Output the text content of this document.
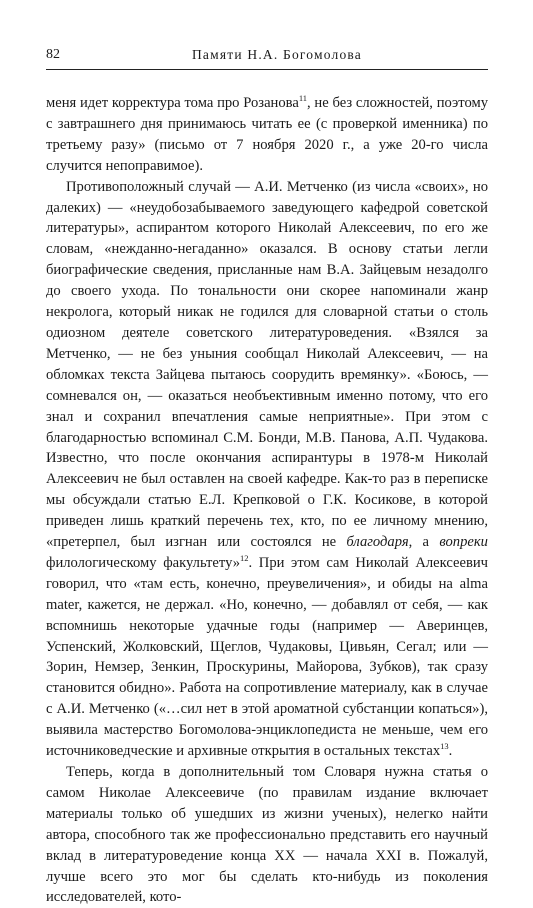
82	Памяти Н.А. Богомолова

меня идет корректура тома про Розанова$^{11}$, не без сложностей, поэтому с завтрашнего дня принимаюсь читать ее (с проверкой именника) по третьему разу» (письмо от 7 ноября 2020 г., а уже 20-го числа случится непоправимое).

Противоположный случай — А.И. Метченко (из числа «своих», но далеких) — «неудобозабываемого заведующего кафедрой советской литературы», аспирантом которого Николай Алексеевич, по его же словам, «нежданно-негаданно» оказался. В основу статьи легли биографические сведения, присланные нам В.А. Зайцевым незадолго до своего ухода. По тональности они скорее напоминали жанр некролога, который никак не годился для словарной статьи о столь одиозном деятеле советского литературоведения. «Взялся за Метченко, — не без уныния сообщал Николай Алексеевич, — на обломках текста Зайцева пытаюсь соорудить времянку». «Боюсь, — сомневался он, — оказаться необъективным именно потому, что его знал и сохранил впечатления самые неприятные». При этом с благодарностью вспоминал С.М. Бонди, М.В. Панова, А.П. Чудакова. Известно, что после окончания аспирантуры в 1978-м Николай Алексеевич не был оставлен на своей кафедре. Как-то раз в переписке мы обсуждали статью Е.Л. Крепковой о Г.К. Косикове, в которой приведен лишь краткий перечень тех, кто, по ее личному мнению, «претерпел, был изгнан или состоялся не благодаря, а вопреки филологическому факультету»$^{12}$. При этом сам Николай Алексеевич говорил, что «там есть, конечно, преувеличения», и обиды на alma mater, кажется, не держал. «Но, конечно, — добавлял от себя, — как вспомнишь некоторые удачные годы (например — Аверинцев, Успенский, Жолковский, Щеглов, Чудаковы, Цивьян, Сегал; или — Зорин, Немзер, Зенкин, Проскурины, Майорова, Зубков), так сразу становится обидно». Работа на сопротивление материалу, как в случае с А.И. Метченко («…сил нет в этой ароматной субстанции копаться»), выявила мастерство Богомолова-энциклопедиста не меньше, чем его источниковедческие и архивные открытия в остальных текстах$^{13}$.

Теперь, когда в дополнительный том Словаря нужна статья о самом Николае Алексеевиче (по правилам издание включает материалы только об ушедших из жизни ученых), нелегко найти автора, способного так же профессионально представить его научный вклад в литературоведение конца XX — начала XXI в. Пожалуй, лучше всего это мог бы сделать кто-нибудь из поколения исследователей, кото-
